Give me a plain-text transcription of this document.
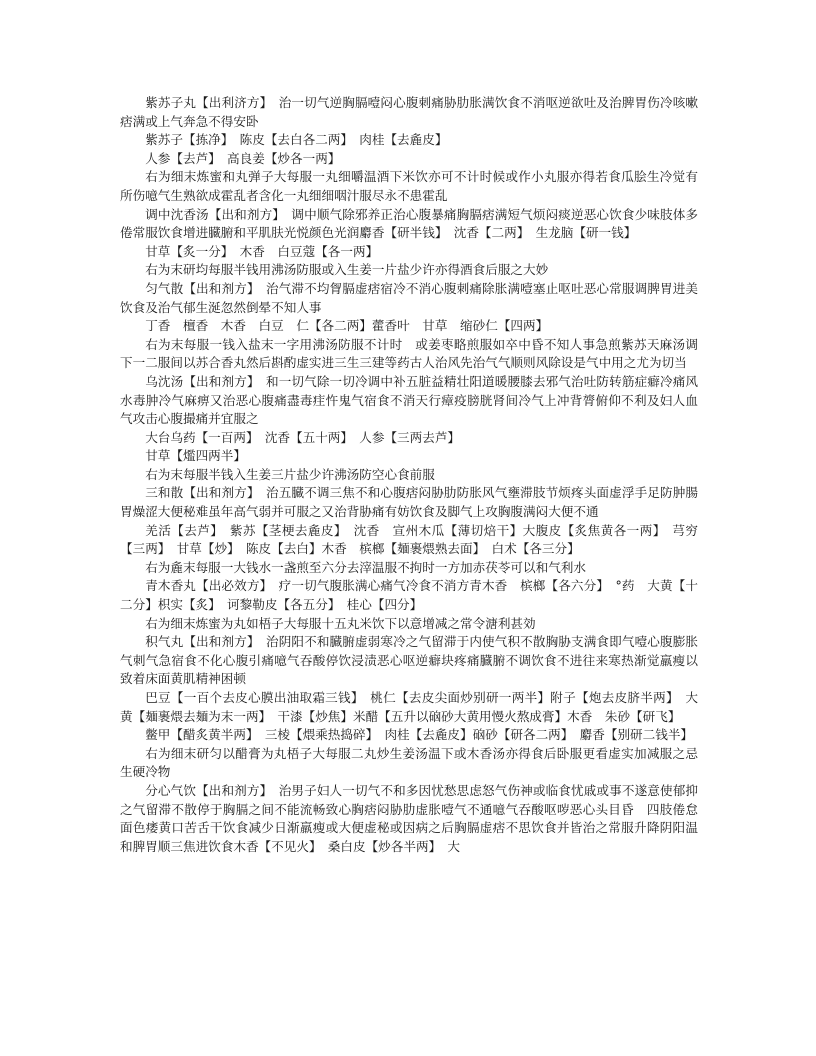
紫苏子丸【出利济方】　治一切气逆胸膈噎闷心腹刺痛胁肋胀满饮食不消呕逆欲吐及治脾胃伤冷咳嗽痞满或上气奔急不得安卧

紫苏子【拣净】　陈皮【去白各二两】　肉桂【去麁皮】

人参【去芦】　高良姜【炒各一两】

右为细末炼蜜和丸弹子大每服一丸细嚼温酒下米饮亦可不计时候或作小丸服亦得若食瓜脍生冷觉有所伤噫气生熟欲成霍乱者含化一丸细细咽汁服尽永不患霍乱

调中沈香汤【出和剂方】　调中顺气除邪养正治心腹暴痛胸膈痞满短气烦闷痰逆恶心饮食少味肢体多倦常服饮食增进臓腑和平肌肤光悦颜色光润麝香【研半钱】　沈香【二两】　生龙脑【研一钱】

甘草【炙一分】　木香　白豆蔻【各一两】

右为末研均每服半钱用沸汤防服或入生姜一片盐少许亦得酒食后服之大妙

匀气散【出和剂方】　治气滞不均胷膈虚痞宿冷不消心腹刺痛除胀满噎塞止呕吐恶心常服调脾胃进美饮食及治气郁生涎忽然倒晕不知人事

丁香　檀香　木香　白豆　仁【各二两】藿香叶　甘草　缩砂仁【四两】

右为末每服一钱入盐末一字用沸汤防服不计时　或姜枣略煎服如卒中昏不知人事急煎紫苏天麻汤调下一二服间以苏合香丸然后斟酌虚实进三生三建等药古人治风先治气气顺则风除设是气中用之尤为切当

乌沈汤【出和剂方】　和一切气除一切冷调中补五脏益精壮阳道暖腰膝去邪气治吐防转筋症癖冷痛风水毒肿冷气麻痹又治恶心腹痛盡毒疰忤鬼气宿食不消天行瘴疫膀胱肾间冷气上冲背膂俯仰不利及妇人血气攻击心腹撮痛并宜服之

大台乌药【一百两】　沈香【五十两】　人参【三两去芦】

甘草【爁四两半】

右为末每服半钱入生姜三片盐少许沸汤防空心食前服

三和散【出和剂方】　治五臓不调三焦不和心腹痞闷胁肋防胀风气壅滞肢节烦疼头面虚浮手足防肿腸胃燥涩大便秘难虽年高气弱并可服之又治背胁痛有妨饮食及脚气上攻胸腹满闷大便不通

羌活【去芦】　紫苏【茎梗去麁皮】　沈香　宣州木瓜【薄切焙干】大腹皮【炙焦黄各一两】　芎穷【三两】　甘草【炒】　陈皮【去白】木香　槟榔【麺裹煨熟去面】　白术【各三分】

右为麁末每服一大钱水一盏煎至六分去滓温服不拘时一方加赤茯苓可以和气利水

青木香丸【出必效方】　疗一切气腹胀满心痛气冷食不消方青木香　槟榔【各六分】　°药　大黄【十二分】枳实【炙】　诃黎勒皮【各五分】　桂心【四分】

右为细末炼蜜为丸如梧子大每服十五丸米饮下以意增减之常令溏利甚効

积气丸【出和剂方】　治阴阳不和臓腑虚弱寒冷之气留滞于内使气积不散胸胁支满食即气噎心腹膨胀气刺气急宿食不化心腹引痛噫气吞酸停饮浸渍恶心呕逆癖块疼痛臓腑不调饮食不进往来寒热渐觉羸瘦以致着床面黄肌精神困顿

巴豆【一百个去皮心膜出油取霜三钱】　桃仁【去皮尖面炒别研一两半】附子【炮去皮脐半两】　大黄【麺裹煨去麺为末一两】　干漆【炒焦】米醋【五升以硇砂大黄用慢火熬成膏】木香　朱砂【研飞】

鳖甲【醋炙黄半两】　三棱【煨乘热捣碎】　肉桂【去麁皮】硇砂【研各二两】　麝香【别研二钱半】

右为细末研匀以醋膏为丸梧子大每服二丸炒生姜汤温下或木香汤亦得食后卧服更看虚实加减服之忌生硬冷物

分心气饮【出和剂方】　治男子妇人一切气不和多因忧愁思虑怒气伤神或临食忧戚或事不遂意使郁抑之气留滞不散停于胸膈之间不能流畅致心胸痞闷胁肋虚胀噎气不通噫气吞酸呕哕恶心头目昏　四肢倦怠面色痿黄口苦舌干饮食减少日渐羸瘦或大便虚秘或因病之后胸膈虚痞不思饮食并皆治之常服升降阴阳温和脾胃顺三焦进饮食木香【不见火】　桑白皮【炒各半两】　大
